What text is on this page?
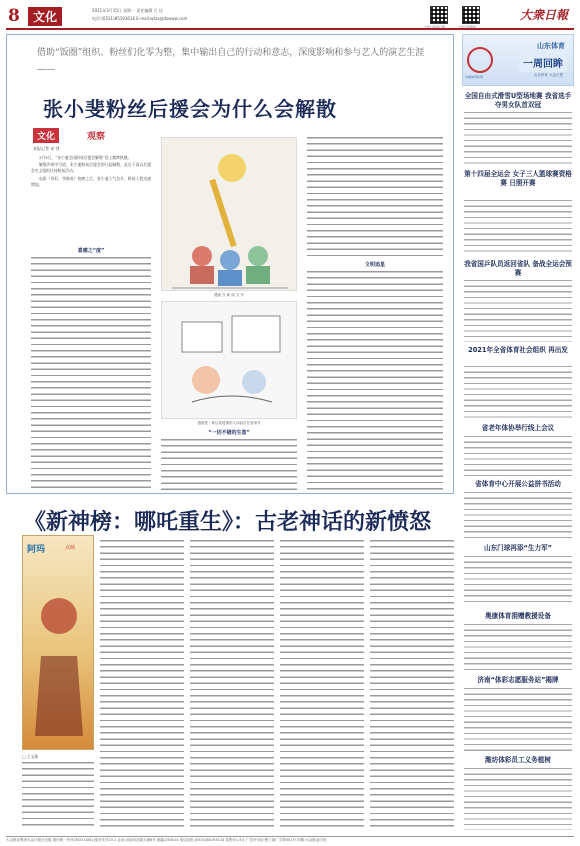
8	文化	2021年3月15日 星期一 责任编辑 吕 佳
电话:(0531)85193616 E-mail:wtzx@dzwww.com
大众日报客户端	大众日报微信
大衆日報
借助“饭圈”组织、粉丝们化零为整，集中输出自己的行动和意志，深度影响和参与艺人的演艺生涯——
张小斐粉丝后援会为什么会解散
文化	观察
本报记者 宋 弢

3月8日，“张小斐全国粉丝后援会解散”登上微博热搜。

解散声明中写道，张小斐粉丝后援会即日起解散，此后不再以后援会名义组织任何粉丝活动。

电影《你好，李焕英》热映之后，张小斐人气急升，粉丝人数迅速增加。

喜感之“度”
漫画 吕 新 周 文 作
漫画是一种目成便重的人向而自在表串开
“一切不错的生意”
文明追星
《新神榜：哪吒重生》：古老神话的新愤怒
阿玛	点映
□ 王宝珠
中国体育彩票
山东体育
一周回眸
山东体育 大众日报
全国自由式滑雪U型场地赛 我省选手夺男女队首双冠
第十四届全运会 女子三人篮球赛资格赛 日照开赛
我省国乒队员返回省队 备战全运会预赛
2021年全省体育社会组织 再出发
省老年体协举行线上会议
省体育中心开展公益拼书活动
山东门球再添“生力军”
奥康体育捐赠教援设备
济南“体彩志愿服务站”揭牌
潍坊体彩员工义务植树
大众报业集团大众日报社出版 国内统一刊号CN37-0001 邮发代号23-1 社址:济南市泺源大街6号 邮编:250014 电话总机:(0531)85193114 零售价1.5元 广告许可证:鲁工商广字第001号 印刷:大众报业印务
